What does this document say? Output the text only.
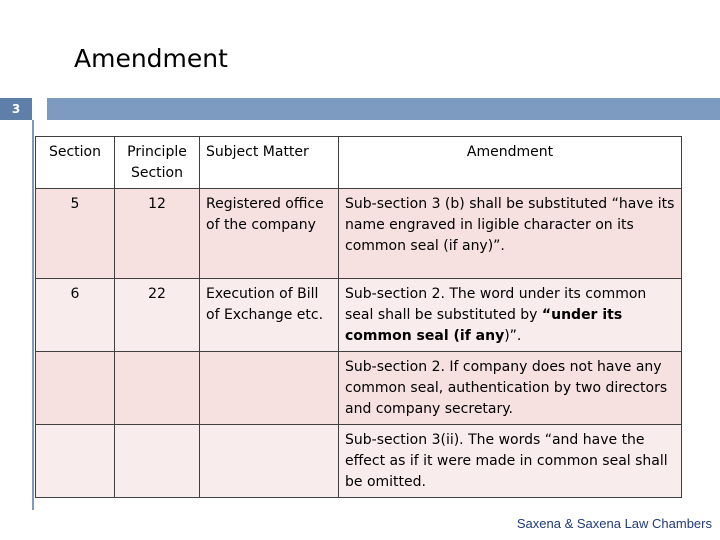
Amendment
3
Section	Principle Section	Subject Matter	Amendment
5	12	Registered office of the company	Sub-section 3 (b) shall be substituted “have its name engraved in ligible character on its common seal (if any)”.
6	22	Execution of Bill of Exchange etc.	Sub-section 2. The word under its common seal shall be substituted by “under its common seal (if any)”.
			Sub-section 2. If company does not have any common seal, authentication by two directors and company secretary.
			Sub-section 3(ii). The words “and have the effect as if it were made in common seal shall be omitted.
Saxena & Saxena Law Chambers
